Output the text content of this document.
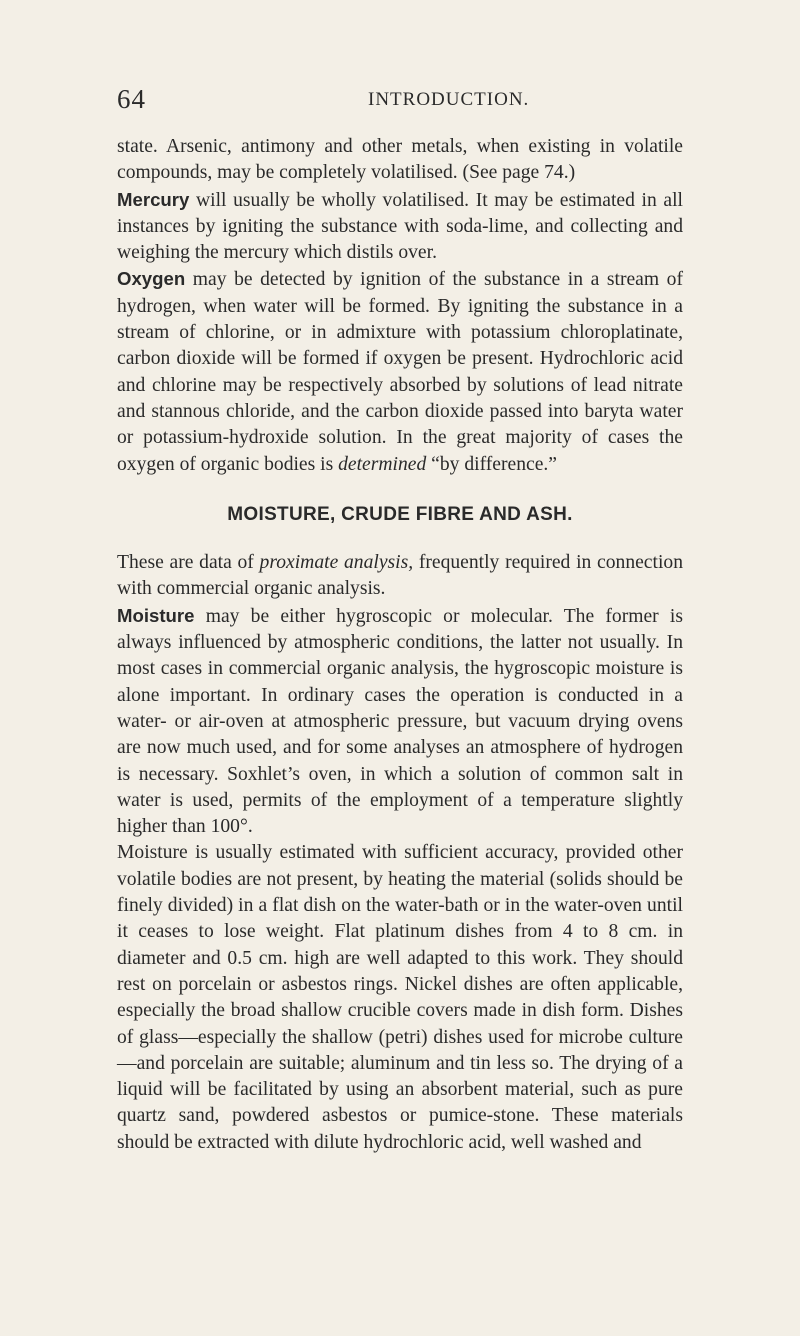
64	INTRODUCTION.

state. Arsenic, antimony and other metals, when existing in volatile compounds, may be completely volatilised. (See page 74.)

Mercury will usually be wholly volatilised. It may be estimated in all instances by igniting the substance with soda-lime, and collecting and weighing the mercury which distils over.

Oxygen may be detected by ignition of the substance in a stream of hydrogen, when water will be formed. By igniting the substance in a stream of chlorine, or in admixture with potassium chloroplatinate, carbon dioxide will be formed if oxygen be present. Hydrochloric acid and chlorine may be respectively absorbed by solutions of lead nitrate and stannous chloride, and the carbon dioxide passed into baryta water or potassium-hydroxide solution. In the great majority of cases the oxygen of organic bodies is determined “by difference.”

MOISTURE, CRUDE FIBRE AND ASH.

These are data of proximate analysis, frequently required in connection with commercial organic analysis.

Moisture may be either hygroscopic or molecular. The former is always influenced by atmospheric conditions, the latter not usually. In most cases in commercial organic analysis, the hygroscopic moisture is alone important. In ordinary cases the operation is conducted in a water- or air-oven at atmospheric pressure, but vacuum drying ovens are now much used, and for some analyses an atmosphere of hydrogen is necessary. Soxhlet’s oven, in which a solution of common salt in water is used, permits of the employment of a temperature slightly higher than 100°.

Moisture is usually estimated with sufficient accuracy, provided other volatile bodies are not present, by heating the material (solids should be finely divided) in a flat dish on the water-bath or in the water-oven until it ceases to lose weight. Flat platinum dishes from 4 to 8 cm. in diameter and 0.5 cm. high are well adapted to this work. They should rest on porcelain or asbestos rings. Nickel dishes are often applicable, especially the broad shallow crucible covers made in dish form. Dishes of glass—especially the shallow (petri) dishes used for microbe culture—and porcelain are suitable; aluminum and tin less so. The drying of a liquid will be facilitated by using an absorbent material, such as pure quartz sand, powdered asbestos or pumice-stone. These materials should be extracted with dilute hydrochloric acid, well washed and
